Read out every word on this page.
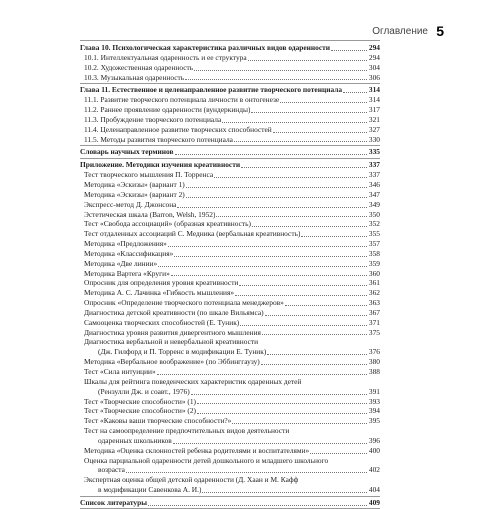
Оглавление 5
Глава 10. Психологическая характеристика различных видов одаренности	294
10.1. Интеллектуальная одаренность и ее структура	294
10.2. Художественная одаренность	304
10.3. Музыкальная одаренность	306
Глава 11. Естественное и целенаправленное развитие творческого потенциала	314
11.1. Развитие творческого потенциала личности в онтогенезе	314
11.2. Раннее проявление одаренности (вундеркинды)	317
11.3. Пробуждение творческого потенциала	321
11.4. Целенаправленное развитие творческих способностей	327
11.5. Методы развития творческого потенциала	330
Словарь научных терминов	335
Приложение. Методики изучения креативности	337
Тест творческого мышления П. Торренса	337
Методика «Эскизы» (вариант 1)	346
Методика «Эскизы» (вариант 2)	347
Экспресс-метод Д. Джонсона	349
Эстетическая шкала (Barron, Welsh, 1952)	350
Тест «Свобода ассоциаций» (образная креативность)	352
Тест отдаленных ассоциаций С. Медника (вербальная креативность)	355
Методика «Предложения»	357
Методика «Классификация»	358
Методика «Две линии»	359
Методика Вартега «Круги»	360
Опросник для определения уровня креативности	361
Методика А. С. Лачинка «Гибкость мышления»	362
Опросник «Определение творческого потенциала менеджеров»	363
Диагностика детской креативности (по шкале Вильямса)	367
Самооценка творческих способностей (Е. Туник)	371
Диагностика уровня развития дивергентного мышления	375
Диагностика вербальной и невербальной креативности
(Дж. Гилфорд и П. Торренс в модификации Е. Туник)	376
Методика «Вербальное воображение» (по Эббинггаузу)	380
Тест «Сила интуиции»	388
Шкалы для рейтинга поведенческих характеристик одаренных детей
(Рензулли Дж. и соавт., 1976)	391
Тест «Творческие способности» (1)	393
Тест «Творческие способности» (2)	394
Тест «Каковы ваши творческие способности?»	395
Тест на самоопределение предпочтительных видов деятельности
одаренных школьников	396
Методика «Оценка склонностей ребенка родителями и воспитателями»	400
Оценка парциальной одаренности детей дошкольного и младшего школьного
возраста	402
Экспертная оценка общей детской одаренности (Д. Хаан и М. Кафф
в модификации Савенкова А. И.)	404
Список литературы	409
